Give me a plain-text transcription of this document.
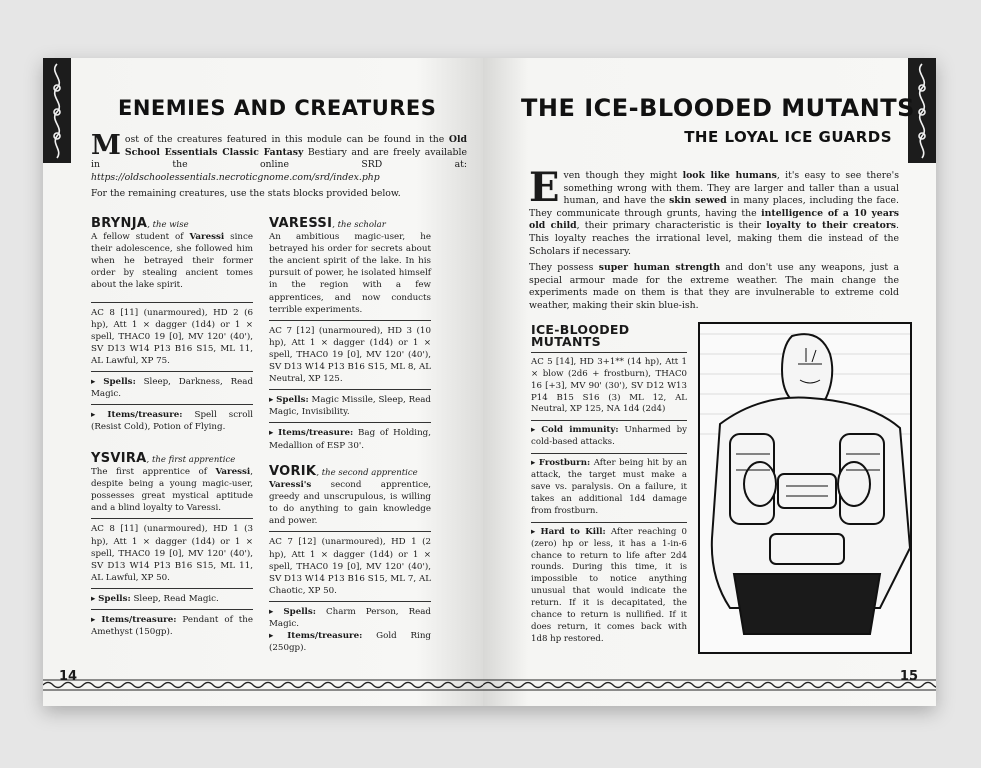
ENEMIES AND CREATURES

Most of the creatures featured in this module can be found in the Old School Essentials Classic Fantasy Bestiary and are freely available in the online SRD at: https://oldschoolessentials.necroticgnome.com/srd/index.php

For the remaining creatures, use the stats blocks provided below.

BRYNJA, the wise

A fellow student of Varessi since their adolescence, she followed him when he betrayed their former order by stealing ancient tomes about the lake spirit.

AC 8 [11] (unarmoured), HD 2 (6 hp), Att 1 × dagger (1d4) or 1 × spell, THAC0 19 [0], MV 120' (40'), SV D13 W14 P13 B16 S15, ML 11, AL Lawful, XP 75.

▸ Spells: Sleep, Darkness, Read Magic.

▸ Items/treasure: Spell scroll (Resist Cold), Potion of Flying.

VARESSI, the scholar

An ambitious magic-user, he betrayed his order for secrets about the ancient spirit of the lake. In his pursuit of power, he isolated himself in the region with a few apprentices, and now conducts terrible experiments.

AC 7 [12] (unarmoured), HD 3 (10 hp), Att 1 × dagger (1d4) or 1 × spell, THAC0 19 [0], MV 120' (40'), SV D13 W14 P13 B16 S15, ML 8, AL Neutral, XP 125.

▸ Spells: Magic Missile, Sleep, Read Magic, Invisibility.

▸ Items/treasure: Bag of Holding, Medallion of ESP 30'.

YSVIRA, the first apprentice

The first apprentice of Varessi, despite being a young magic-user, possesses great mystical aptitude and a blind loyalty to Varessi.

AC 8 [11] (unarmoured), HD 1 (3 hp), Att 1 × dagger (1d4) or 1 × spell, THAC0 19 [0], MV 120' (40'), SV D13 W14 P13 B16 S15, ML 11, AL Lawful, XP 50.

▸ Spells: Sleep, Read Magic.

▸ Items/treasure: Pendant of the Amethyst (150gp).

VORIK, the second apprentice

Varessi's second apprentice, greedy and unscrupulous, is willing to do anything to gain knowledge and power.

AC 7 [12] (unarmoured), HD 1 (2 hp), Att 1 × dagger (1d4) or 1 × spell, THAC0 19 [0], MV 120' (40'), SV D13 W14 P13 B16 S15, ML 7, AL Chaotic, XP 50.

▸ Spells: Charm Person, Read Magic.

▸ Items/treasure: Gold Ring (250gp).

14
THE ICE-BLOODED MUTANTS
THE LOYAL ICE GUARDS

Even though they might look like humans, it's easy to see there's something wrong with them. They are larger and taller than a usual human, and have the skin sewed in many places, including the face. They communicate through grunts, having the intelligence of a 10 years old child, their primary characteristic is their loyalty to their creators. This loyalty reaches the irrational level, making them die instead of the Scholars if necessary.

They possess super human strength and don't use any weapons, just a special armour made for the extreme weather. The main change the experiments made on them is that they are invulnerable to extreme cold weather, making their skin blue-ish.

ICE-BLOODED MUTANTS

AC 5 [14], HD 3+1** (14 hp), Att 1 × blow (2d6 + frostburn), THAC0 16 [+3], MV 90' (30'), SV D12 W13 P14 B15 S16 (3) ML 12, AL Neutral, XP 125, NA 1d4 (2d4)

▸ Cold immunity: Unharmed by cold-based attacks.

▸ Frostburn: After being hit by an attack, the target must make a save vs. paralysis. On a failure, it takes an additional 1d4 damage from frostburn.

▸ Hard to Kill: After reaching 0 (zero) hp or less, it has a 1-in-6 chance to return to life after 2d4 rounds. During this time, it is impossible to notice anything unusual that would indicate the return. If it is decapitated, the chance to return is nullified. If it does return, it comes back with 1d8 hp restored.

15
